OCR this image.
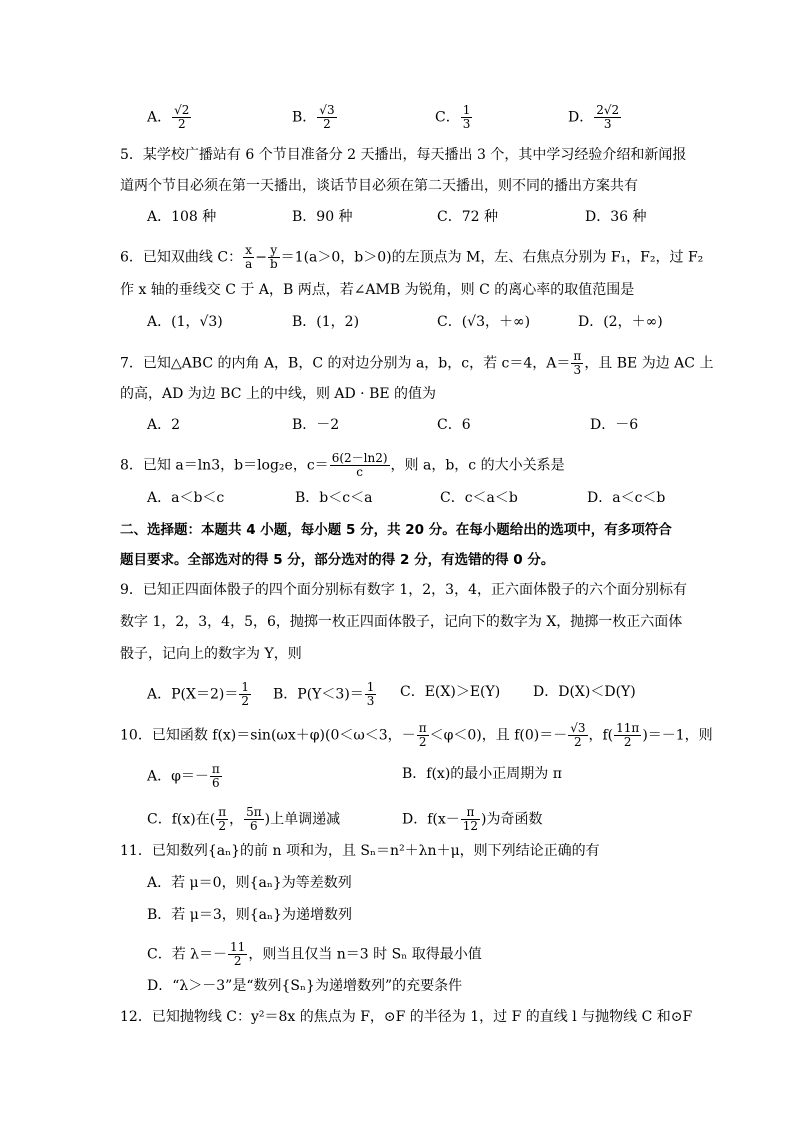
A． $\frac{√2}{2}$	B． $\frac{√3}{2}$	C． $\frac{1}{3}$	D． $\frac{2√2}{3}$
5．某学校广播站有 6 个节目准备分 2 天播出，每天播出 3 个，其中学习经验介绍和新闻报
道两个节目必须在第一天播出，谈话节目必须在第二天播出，则不同的播出方案共有
A．108 种	B．90 种	C．72 种	D．36 种
6．已知双曲线 C： $\frac{x}{a} - \frac{y}{b} =1(a>0$，b＞0)的左顶点为 M，左、右焦点分别为 F₁，F₂，过 F₂
作 x 轴的垂线交 C 于 A，B 两点，若∠AMB 为锐角，则 C 的离心率的取值范围是
A．(1，√3)	B．(1，2)	C．(√3，＋∞)	D．(2，＋∞)
7．已知△ABC 的内角 A，B，C 的对边分别为 a，b，c，若 c＝4，$A= \frac{\pi}{3}$ ，且 BE 为边 AC 上
的高，AD 为边 BC 上的中线，则 AD · BE 的值为
A．2	B．－2	C．6	D．－6
8．已知 a＝ln3，b＝log₂e，$c= \frac{6(2-\ln 2)}{c}$ ，则 a，b，c 的大小关系是
A．a＜b＜c	B．b＜c＜a	C．c＜a＜b	D．a＜c＜b
二、选择题：本题共 4 小题，每小题 5 分，共 20 分。在每小题给出的选项中，有多项符合
题目要求。全部选对的得 5 分，部分选对的得 2 分，有选错的得 0 分。
9．已知正四面体骰子的四个面分别标有数字 1，2，3，4，正六面体骰子的六个面分别标有
数字 1，2，3，4，5，6，抛掷一枚正四面体骰子，记向下的数字为 X，抛掷一枚正六面体
骰子，记向上的数字为 Y，则
A．$P(X=2)= \frac{1}{2}$ B．$P(Y<3)= \frac{1}{3}$ C．E(X)＞E(Y) D．D(X)＜D(Y)
10．已知函数 f(x)＝sin(ωx＋φ)(0＜ω＜3，－ $\frac{\pi}{2} <\varphi<0$)，且 $f(0)=- \frac{√3}{2}$ ，$f( \frac{11\pi}{2} )=-1$，则
A．$\varphi=- \frac{\pi}{6}$	B．f(x)的最小正周期为 π
C．f(x)在( $\frac{\pi}{2}$ ， $\frac{5\pi}{6}$ )上单调递减	D．$f(x- \frac{\pi}{12}$ )为奇函数
11．已知数列{aₙ}的前 n 项和为，且 Sₙ＝n²＋λn＋μ，则下列结论正确的有
A．若 μ＝0，则{aₙ}为等差数列
B．若 μ＝3，则{aₙ}为递增数列
C．若 $\lambda=- \frac{11}{2}$ ，则当且仅当 n＝3 时 Sₙ 取得最小值
D．“λ＞－3”是“数列{Sₙ}为递增数列”的充要条件
12．已知抛物线 C：y²＝8x 的焦点为 F，⊙F 的半径为 1，过 F 的直线 l 与抛物线 C 和⊙F
